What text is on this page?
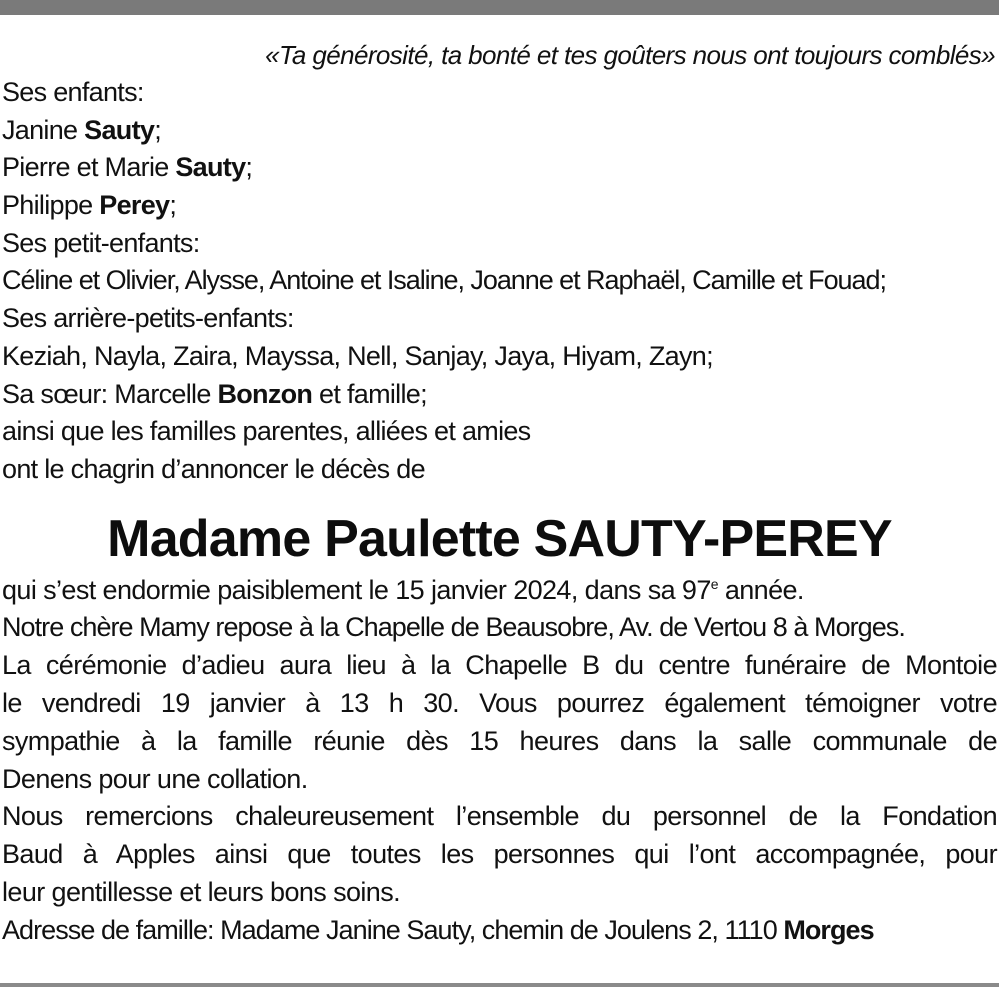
«Ta générosité, ta bonté et tes goûters nous ont toujours comblés»

Ses enfants:
Janine Sauty;
Pierre et Marie Sauty;
Philippe Perey;
Ses petit-enfants:
Céline et Olivier, Alysse, Antoine et Isaline, Joanne et Raphaël, Camille et Fouad;
Ses arrière-petits-enfants:
Keziah, Nayla, Zaira, Mayssa, Nell, Sanjay, Jaya, Hiyam, Zayn;
Sa sœur: Marcelle Bonzon et famille;
ainsi que les familles parentes, alliées et amies
ont le chagrin d’annoncer le décès de
Madame Paulette SAUTY-PEREY
qui s’est endormie paisiblement le 15 janvier 2024, dans sa 97e année.
Notre chère Mamy repose à la Chapelle de Beausobre, Av. de Vertou 8 à Morges.
La cérémonie d’adieu aura lieu à la Chapelle B du centre funéraire de Montoie
le vendredi 19 janvier à 13 h 30. Vous pourrez également témoigner votre
sympathie à la famille réunie dès 15 heures dans la salle communale de
Denens pour une collation.
Nous remercions chaleureusement l’ensemble du personnel de la Fondation
Baud à Apples ainsi que toutes les personnes qui l’ont accompagnée, pour
leur gentillesse et leurs bons soins.
Adresse de famille: Madame Janine Sauty, chemin de Joulens 2, 1110 Morges
